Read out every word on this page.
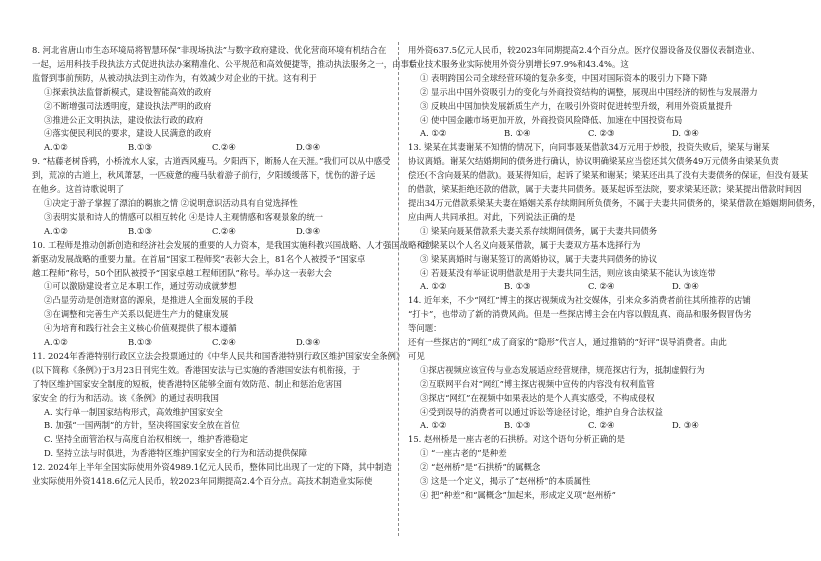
8. 河北省唐山市生态环境局将智慧环保“非现场执法”与数字政府建设、优化营商环境有机结合在
一起，运用科技手段执法方式促进执法办案精准化、公平规范和高效便捷等，推动执法服务之一，由事后
监督到事前预防，从被动执法到主动作为，有效减少对企业的干扰。这有利于
①探索执法监督新模式，建设智能高效的政府
②不断增强司法透明度，建设执法严明的政府
③推进公正文明执法，建设依法行政的政府
④落实便民利民的要求，建设人民满意的政府
A.①②	B.①③	C.②④	D.③④
9. “枯藤老树昏鸦，小桥流水人家，古道西风瘦马。夕阳西下，断肠人在天涯。”我们可以从中感受
到，荒凉的古道上，秋风萧瑟，一匹疲惫的瘦马驮着游子前行，夕阳缓缓落下，忧伤的游子远
在他乡。这首诗歌说明了
①决定于游子掌握了漂泊的羁旅之情 ②说明意识活动具有自觉选择性
③表明实景和诗人的情感可以相互转化 ④是诗人主观情感和客观景象的统一
A.①②	B.①③	C.②④	D.③④
10. 工程师是推动创新创造和经济社会发展的重要的人力资本，是我国实施科教兴国战略、人才强国战略和创
新驱动发展战略的重要力量。在首届“国家工程师奖”表彰大会上，81名个人被授予“国家卓
越工程师”称号，50个团队被授予“国家卓越工程师团队”称号。举办这一表彰大会
①可以激励建设者立足本职工作，通过劳动成就梦想
②凸显劳动是创造财富的源泉，是推进人全面发展的手段
③在调整和完善生产关系以促进生产力的健康发展
④为培育和践行社会主义核心价值观提供了根本遵循
A.①②	B.①③	C.②④	D.③④
11. 2024年香港特别行政区立法会投票通过的《中华人民共和国香港特别行政区维护国家安全条例》
(以下简称《条例》)于3月23日刊宪生效。香港国安法与已实施的香港国安法有机衔接，于
了特区维护国家安全制度的短板，使香港特区能够全面有效防范、制止和惩治危害国
家安全 的行为和活动。该《条例》的通过表明我国
A. 实行单一制国家结构形式，高效维护国家安全
B. 加强“一国两制”的方针，坚决将国家安全放在首位
C. 坚持全面管治权与高度自治权相统一，维护香港稳定
D. 坚持立法与时俱进，为香港特区维护国家安全的行为和活动提供保障
12. 2024年上半年全国实际使用外资4989.1亿元人民币，整体同比出现了一定的下降，其中制造
业实际使用外资1418.6亿元人民币，较2023年同期提高2.4个百分点。高技术制造业实际使
用外资637.5亿元人民币，较2023年同期提高2.4个百分点。医疗仪器设备及仪器仪表制造业、
专业技术服务业实际使用外资分别增长97.9%和43.4%。这
① 表明跨国公司全球经营环境的复杂多变，中国对国际资本的吸引力下降下降
② 显示出中国外资吸引力的变化与外商投资结构的调整，展现出中国经济的韧性与发展潜力
③ 反映出中国加快发展新质生产力，在吸引外资时促进转型升级，利用外资质量提升
④ 使中国金融市场更加开放，外商投资风险降低、加速在中国投资布局
A. ①②	B. ①④	C. ②③	D. ③④
13. 梁某在其妻谢某不知情的情况下，向同事聂某借款34万元用于炒股，投资失败后，梁某与谢某
协议离婚。谢某欠结婚期间的债务进行确认，协议明确梁某应当偿还其欠债务49万元债务由梁某负责
偿还(不含向聂某的借款)。聂某得知后，起诉了梁某和谢某；梁某还出具了没有夫妻债务的保证，但没有聂某
的借款，梁某拒绝还款的借款，属于夫妻共同债务。聂某起诉至法院，要求梁某还款；梁某提出借款时间因
提出34万元借款系梁某夫妻在婚姻关系存续期间所负债务，不属于夫妻共同债务的，梁某借款在婚姻期间债务，
应由两人共同承担。对此，下列说法正确的是
① 梁某向聂某借款系夫妻关系存续期间债务，属于夫妻共同债务
② 梁某以个人名义向聂某借款，属于夫妻双方基本选择行为
③ 梁某离婚时与谢某签订的离婚协议，属于夫妻共同债务的协议
④ 若聂某没有举证说明借款是用于夫妻共同生活，则应该由梁某不能认为该连带
A. ①②	B. ①③	C. ②④	D. ③④
14. 近年来，不少“网红”博主的探店视频成为社交媒体，引来众多消费者前往其所推荐的店铺
“打卡”，也带动了新的消费风尚。但是一些探店博主会在内容以假乱真、商品和服务假冒伪劣
等问题：
还有一些探店的“网红”成了商家的“隐形”代言人，通过推销的“好评”误导消费者。由此
可见
①探店视频应该宣传与业态发展适应经营规律，规范探店行为，抵制虚假行为
②互联网平台对“网红”博主探店视频中宣传的内容没有权利监管
③探店“网红”在视频中如果表达的是个人真实感受，不构成侵权
④受到误导的消费者可以通过诉讼等途径讨论，维护自身合法权益
A. ①②	B. ①③	C. ②④	D. ③④
15. 赵州桥是一座古老的石拱桥。对这个语句分析正确的是
① “一座古老的”是种差
② “赵州桥”是“石拱桥”的属概念
③ 这是一个定义，揭示了“赵州桥”的本质属性
④ 把“种差”和“属概念”加起来，形成定义项“赵州桥”
